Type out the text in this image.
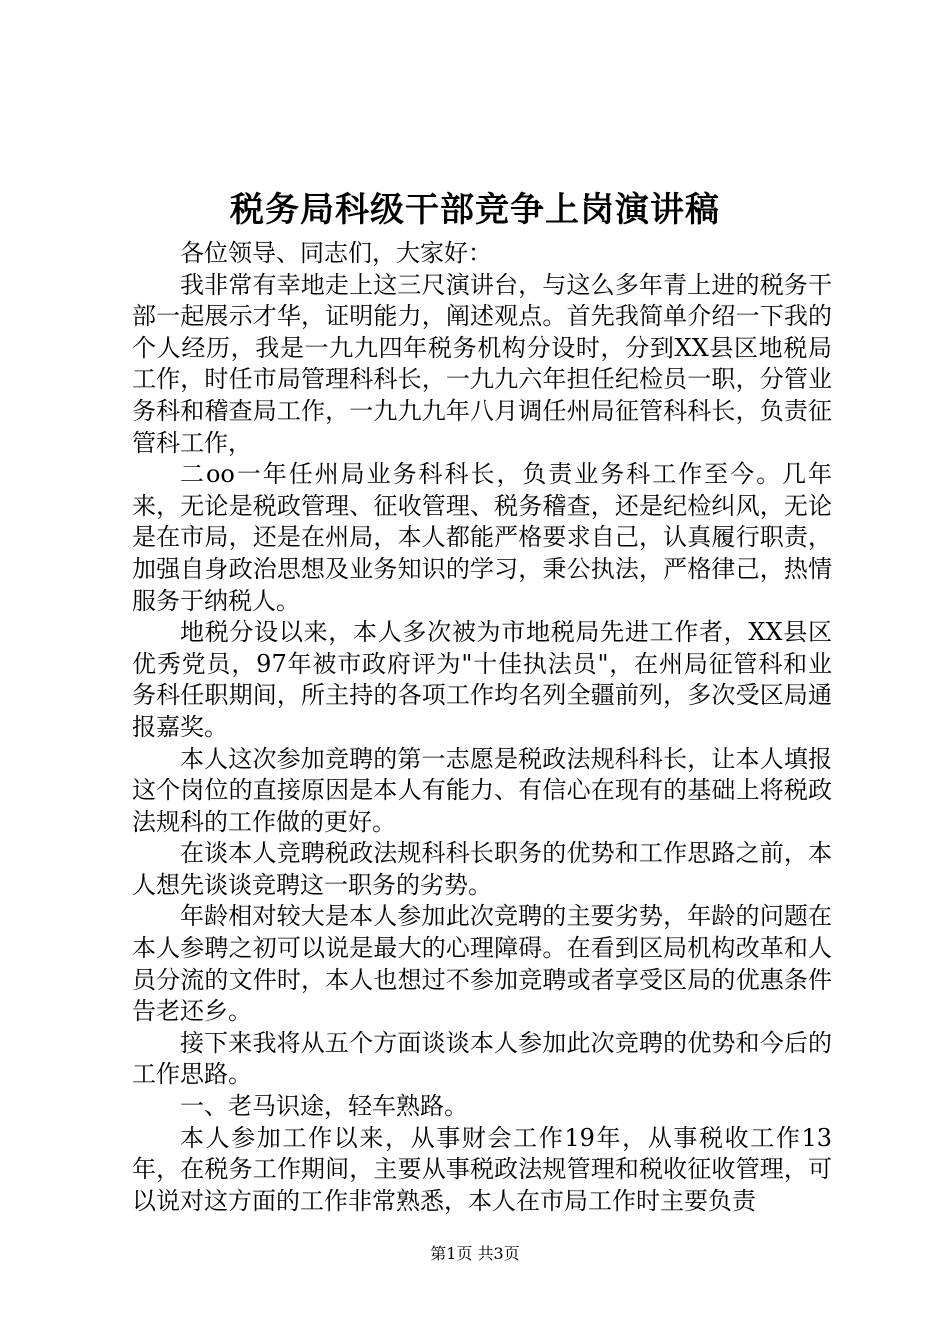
税务局科级干部竞争上岗演讲稿

各位领导、同志们，大家好：

我非常有幸地走上这三尺演讲台，与这么多年青上进的税务干部一起展示才华，证明能力，阐述观点。首先我简单介绍一下我的个人经历，我是一九九四年税务机构分设时，分到XX县区地税局工作，时任市局管理科科长，一九九六年担任纪检员一职，分管业务科和稽查局工作，一九九九年八月调任州局征管科科长，负责征管科工作，

二oo一年任州局业务科科长，负责业务科工作至今。几年来，无论是税政管理、征收管理、税务稽查，还是纪检纠风，无论是在市局，还是在州局，本人都能严格要求自己，认真履行职责，加强自身政治思想及业务知识的学习，秉公执法，严格律己，热情服务于纳税人。

地税分设以来，本人多次被为市地税局先进工作者，XX县区优秀党员，97年被市政府评为"十佳执法员"，在州局征管科和业务科任职期间，所主持的各项工作均名列全疆前列，多次受区局通报嘉奖。

本人这次参加竞聘的第一志愿是税政法规科科长，让本人填报这个岗位的直接原因是本人有能力、有信心在现有的基础上将税政法规科的工作做的更好。

在谈本人竞聘税政法规科科长职务的优势和工作思路之前，本人想先谈谈竞聘这一职务的劣势。

年龄相对较大是本人参加此次竞聘的主要劣势，年龄的问题在本人参聘之初可以说是最大的心理障碍。在看到区局机构改革和人员分流的文件时，本人也想过不参加竞聘或者享受区局的优惠条件告老还乡。

接下来我将从五个方面谈谈本人参加此次竞聘的优势和今后的工作思路。

一、老马识途，轻车熟路。

本人参加工作以来，从事财会工作19年，从事税收工作13年，在税务工作期间，主要从事税政法规管理和税收征收管理，可以说对这方面的工作非常熟悉，本人在市局工作时主要负责

第1页 共3页
